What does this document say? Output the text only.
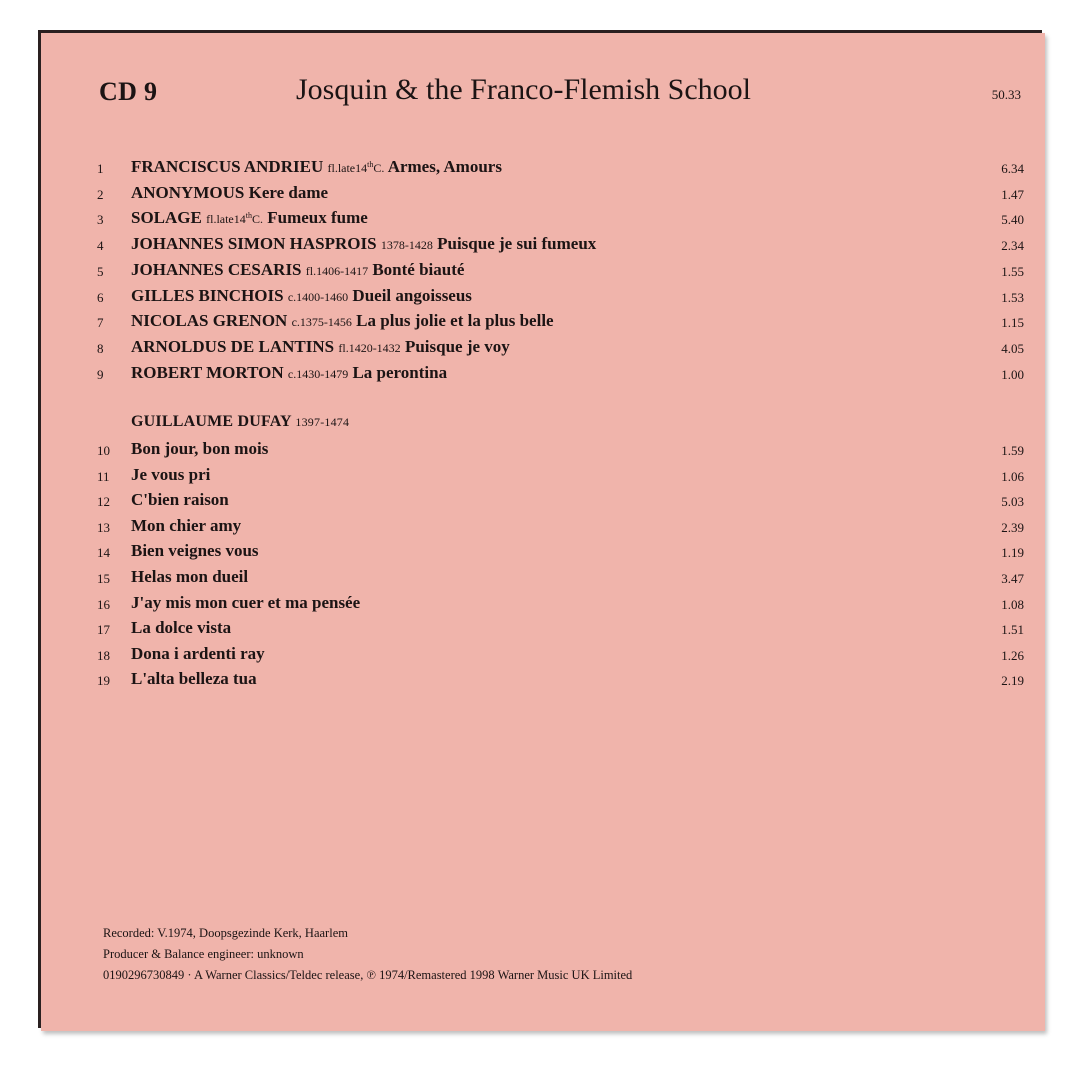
CD 9	Josquin & the Franco-Flemish School	50.33
1	FRANCISCUS ANDRIEU fl.late14thC. Armes, Amours	6.34
2	ANONYMOUS Kere dame	1.47
3	SOLAGE fl.late14thC. Fumeux fume	5.40
4	JOHANNES SIMON HASPROIS 1378-1428 Puisque je sui fumeux	2.34
5	JOHANNES CESARIS fl.1406-1417 Bonté biauté	1.55
6	GILLES BINCHOIS c.1400-1460 Dueil angoisseus	1.53
7	NICOLAS GRENON c.1375-1456 La plus jolie et la plus belle	1.15
8	ARNOLDUS DE LANTINS fl.1420-1432 Puisque je voy	4.05
9	ROBERT MORTON c.1430-1479 La perontina	1.00
GUILLAUME DUFAY 1397-1474
10	Bon jour, bon mois	1.59
11	Je vous pri	1.06
12	C'bien raison	5.03
13	Mon chier amy	2.39
14	Bien veignes vous	1.19
15	Helas mon dueil	3.47
16	J'ay mis mon cuer et ma pensée	1.08
17	La dolce vista	1.51
18	Dona i ardenti ray	1.26
19	L'alta belleza tua	2.19
Recorded: V.1974, Doopsgezinde Kerk, Haarlem
Producer & Balance engineer: unknown
0190296730849 · A Warner Classics/Teldec release, ℗ 1974/Remastered 1998 Warner Music UK Limited
